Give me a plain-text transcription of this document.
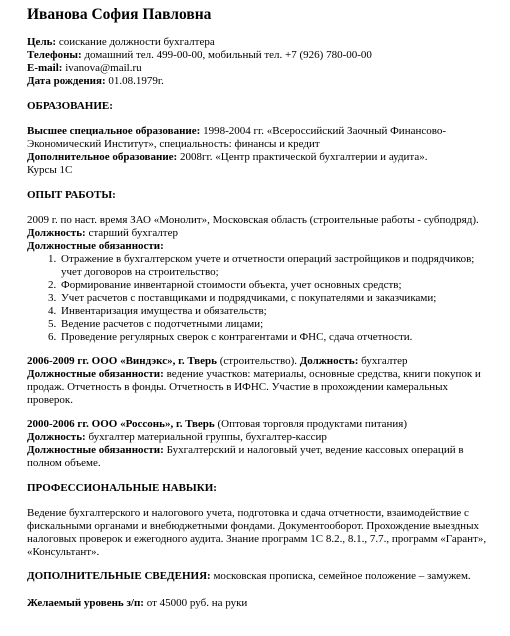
Иванова София Павловна

Цель: соискание должности бухгалтера

Телефоны: домашний тел. 499-00-00, мобильный тел. +7 (926) 780-00-00

E-mail: ivanova@mail.ru

Дата рождения: 01.08.1979г.

ОБРАЗОВАНИЕ:

Высшее специальное образование: 1998-2004 гг. «Всероссийский Заочный Финансово-Экономический Институт», специальность: финансы и кредит

Дополнительное образование: 2008гг. «Центр практической бухгалтерии и аудита».

Курсы 1С

ОПЫТ РАБОТЫ:

2009 г. по наст. время ЗАО «Монолит», Московская область (строительные работы - субподряд). Должность: старший бухгалтер

Должностные обязанности:

1. Отражение в бухгалтерском учете и отчетности операций застройщиков и подрядчиков; учет договоров на строительство;
2. Формирование инвентарной стоимости объекта, учет основных средств;
3. Учет расчетов с поставщиками и подрядчиками, с покупателями и заказчиками;
4. Инвентаризация имущества и обязательств;
5. Ведение расчетов с подотчетными лицами;
6. Проведение регулярных сверок с контрагентами и ФНС, сдача отчетности.

2006-2009 гг. ООО «Виндэкс», г. Тверь (строительство). Должность: бухгалтер

Должностные обязанности: ведение участков: материалы, основные средства, книги покупок и продаж. Отчетность в фонды. Отчетность в ИФНС. Участие в прохождении камеральных проверок.

2000-2006 гг. ООО «Россонь», г. Тверь (Оптовая торговля продуктами питания)

Должность: бухгалтер материальной группы, бухгалтер-кассир

Должностные обязанности: Бухгалтерский и налоговый учет, ведение кассовых операций в полном объеме.

ПРОФЕССИОНАЛЬНЫЕ НАВЫКИ:
Ведение бухгалтерского и налогового учета, подготовка и сдача отчетности, взаимодействие с фискальными органами и внебюджетными фондами. Документооборот. Прохождение выездных налоговых проверок и ежегодного аудита. Знание программ 1С 8.2., 8.1., 7.7., программ «Гарант», «Консультант».
ДОПОЛНИТЕЛЬНЫЕ СВЕДЕНИЯ: московская прописка, семейное положение – замужем.
Желаемый уровень з/п: от 45000 руб. на руки
